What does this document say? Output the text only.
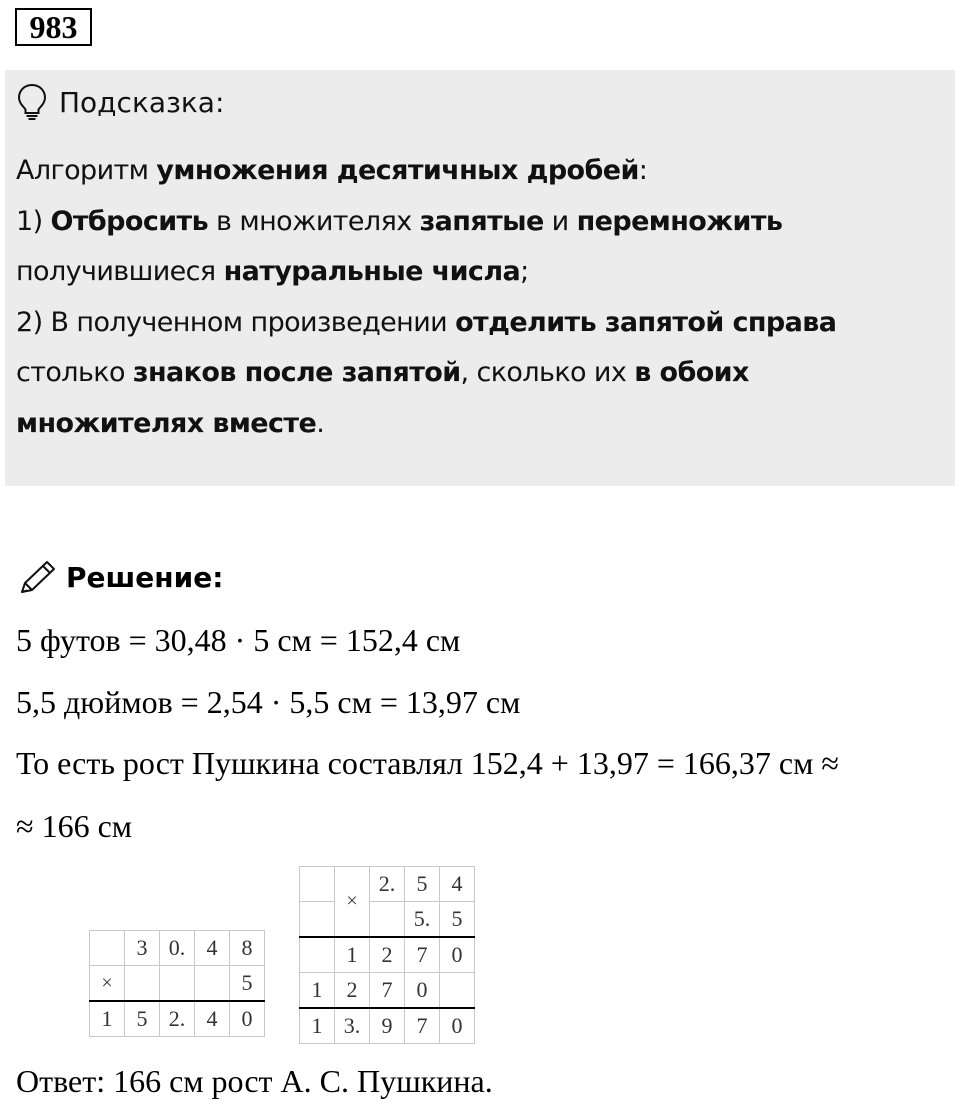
983
Подсказка:
Алгоритм умножения десятичных дробей:
1) Отбросить в множителях запятые и перемножить
получившиеся натуральные числа;
2) В полученном произведении отделить запятой справа
столько знаков после запятой, сколько их в обоих
множителях вместе.
Решение:
5 футов = 30,48 · 5 см = 152,4 см
5,5 дюймов = 2,54 · 5,5 см = 13,97 см
То есть рост Пушкина составлял 152,4 + 13,97 = 166,37 см ≈
≈ 166 см
	3	0.	4	8
×				5
1	5	2.	4	0
	×	2.	5	4
			5.	5
	1	2	7	0
1	2	7	0	
1	3.	9	7	0
Ответ: 166 см рост А. С. Пушкина.
